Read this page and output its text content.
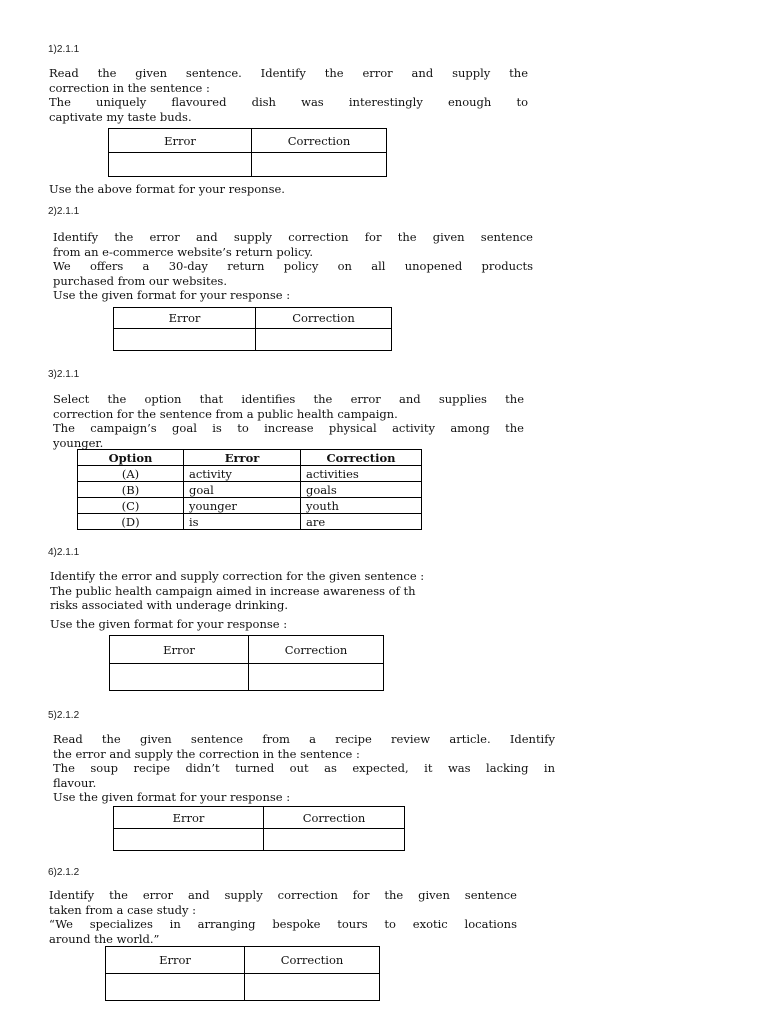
1)2.1.1
Read the given sentence. Identify the error and supply the
correction in the sentence :
The uniquely flavoured dish was interestingly enough to
captivate my taste buds.
Error	Correction

Use the above format for your response.
2)2.1.1
Identify the error and supply correction for the given sentence
from an e-commerce website’s return policy.
We offers a 30-day return policy on all unopened products
purchased from our websites.
Use the given format for your response :
Error	Correction

3)2.1.1
Select the option that identifies the error and supplies the
correction for the sentence from a public health campaign.
The campaign’s goal is to increase physical activity among the
younger.
Option	Error	Correction
(A)	activity	activities
(B)	goal	goals
(C)	younger	youth
(D)	is	are
4)2.1.1
Identify the error and supply correction for the given sentence :
The public health campaign aimed in increase awareness of th
risks associated with underage drinking.
Use the given format for your response :
Error	Correction

5)2.1.2
Read the given sentence from a recipe review article. Identify
the error and supply the correction in the sentence :
The soup recipe didn’t turned out as expected, it was lacking in
flavour.
Use the given format for your response :
Error	Correction

6)2.1.2
Identify the error and supply correction for the given sentence
taken from a case study :
“We specializes in arranging bespoke tours to exotic locations
around the world.”
Error	Correction
